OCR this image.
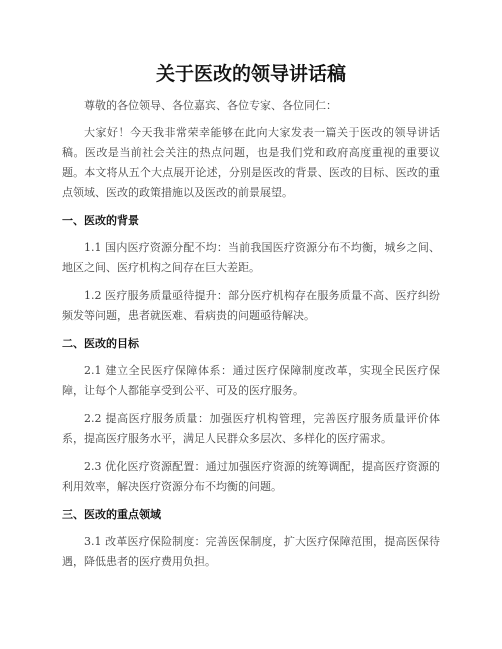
关于医改的领导讲话稿

尊敬的各位领导、各位嘉宾、各位专家、各位同仁：

大家好！今天我非常荣幸能够在此向大家发表一篇关于医改的领导讲话稿。医改是当前社会关注的热点问题，也是我们党和政府高度重视的重要议题。本文将从五个大点展开论述，分别是医改的背景、医改的目标、医改的重点领域、医改的政策措施以及医改的前景展望。

一、医改的背景

1.1 国内医疗资源分配不均：当前我国医疗资源分布不均衡，城乡之间、地区之间、医疗机构之间存在巨大差距。

1.2 医疗服务质量亟待提升：部分医疗机构存在服务质量不高、医疗纠纷频发等问题，患者就医难、看病贵的问题亟待解决。

二、医改的目标

2.1 建立全民医疗保障体系：通过医疗保障制度改革，实现全民医疗保障，让每个人都能享受到公平、可及的医疗服务。

2.2 提高医疗服务质量：加强医疗机构管理，完善医疗服务质量评价体系，提高医疗服务水平，满足人民群众多层次、多样化的医疗需求。

2.3 优化医疗资源配置：通过加强医疗资源的统筹调配，提高医疗资源的利用效率，解决医疗资源分布不均衡的问题。

三、医改的重点领域

3.1 改革医疗保险制度：完善医保制度，扩大医疗保障范围，提高医保待遇，降低患者的医疗费用负担。
